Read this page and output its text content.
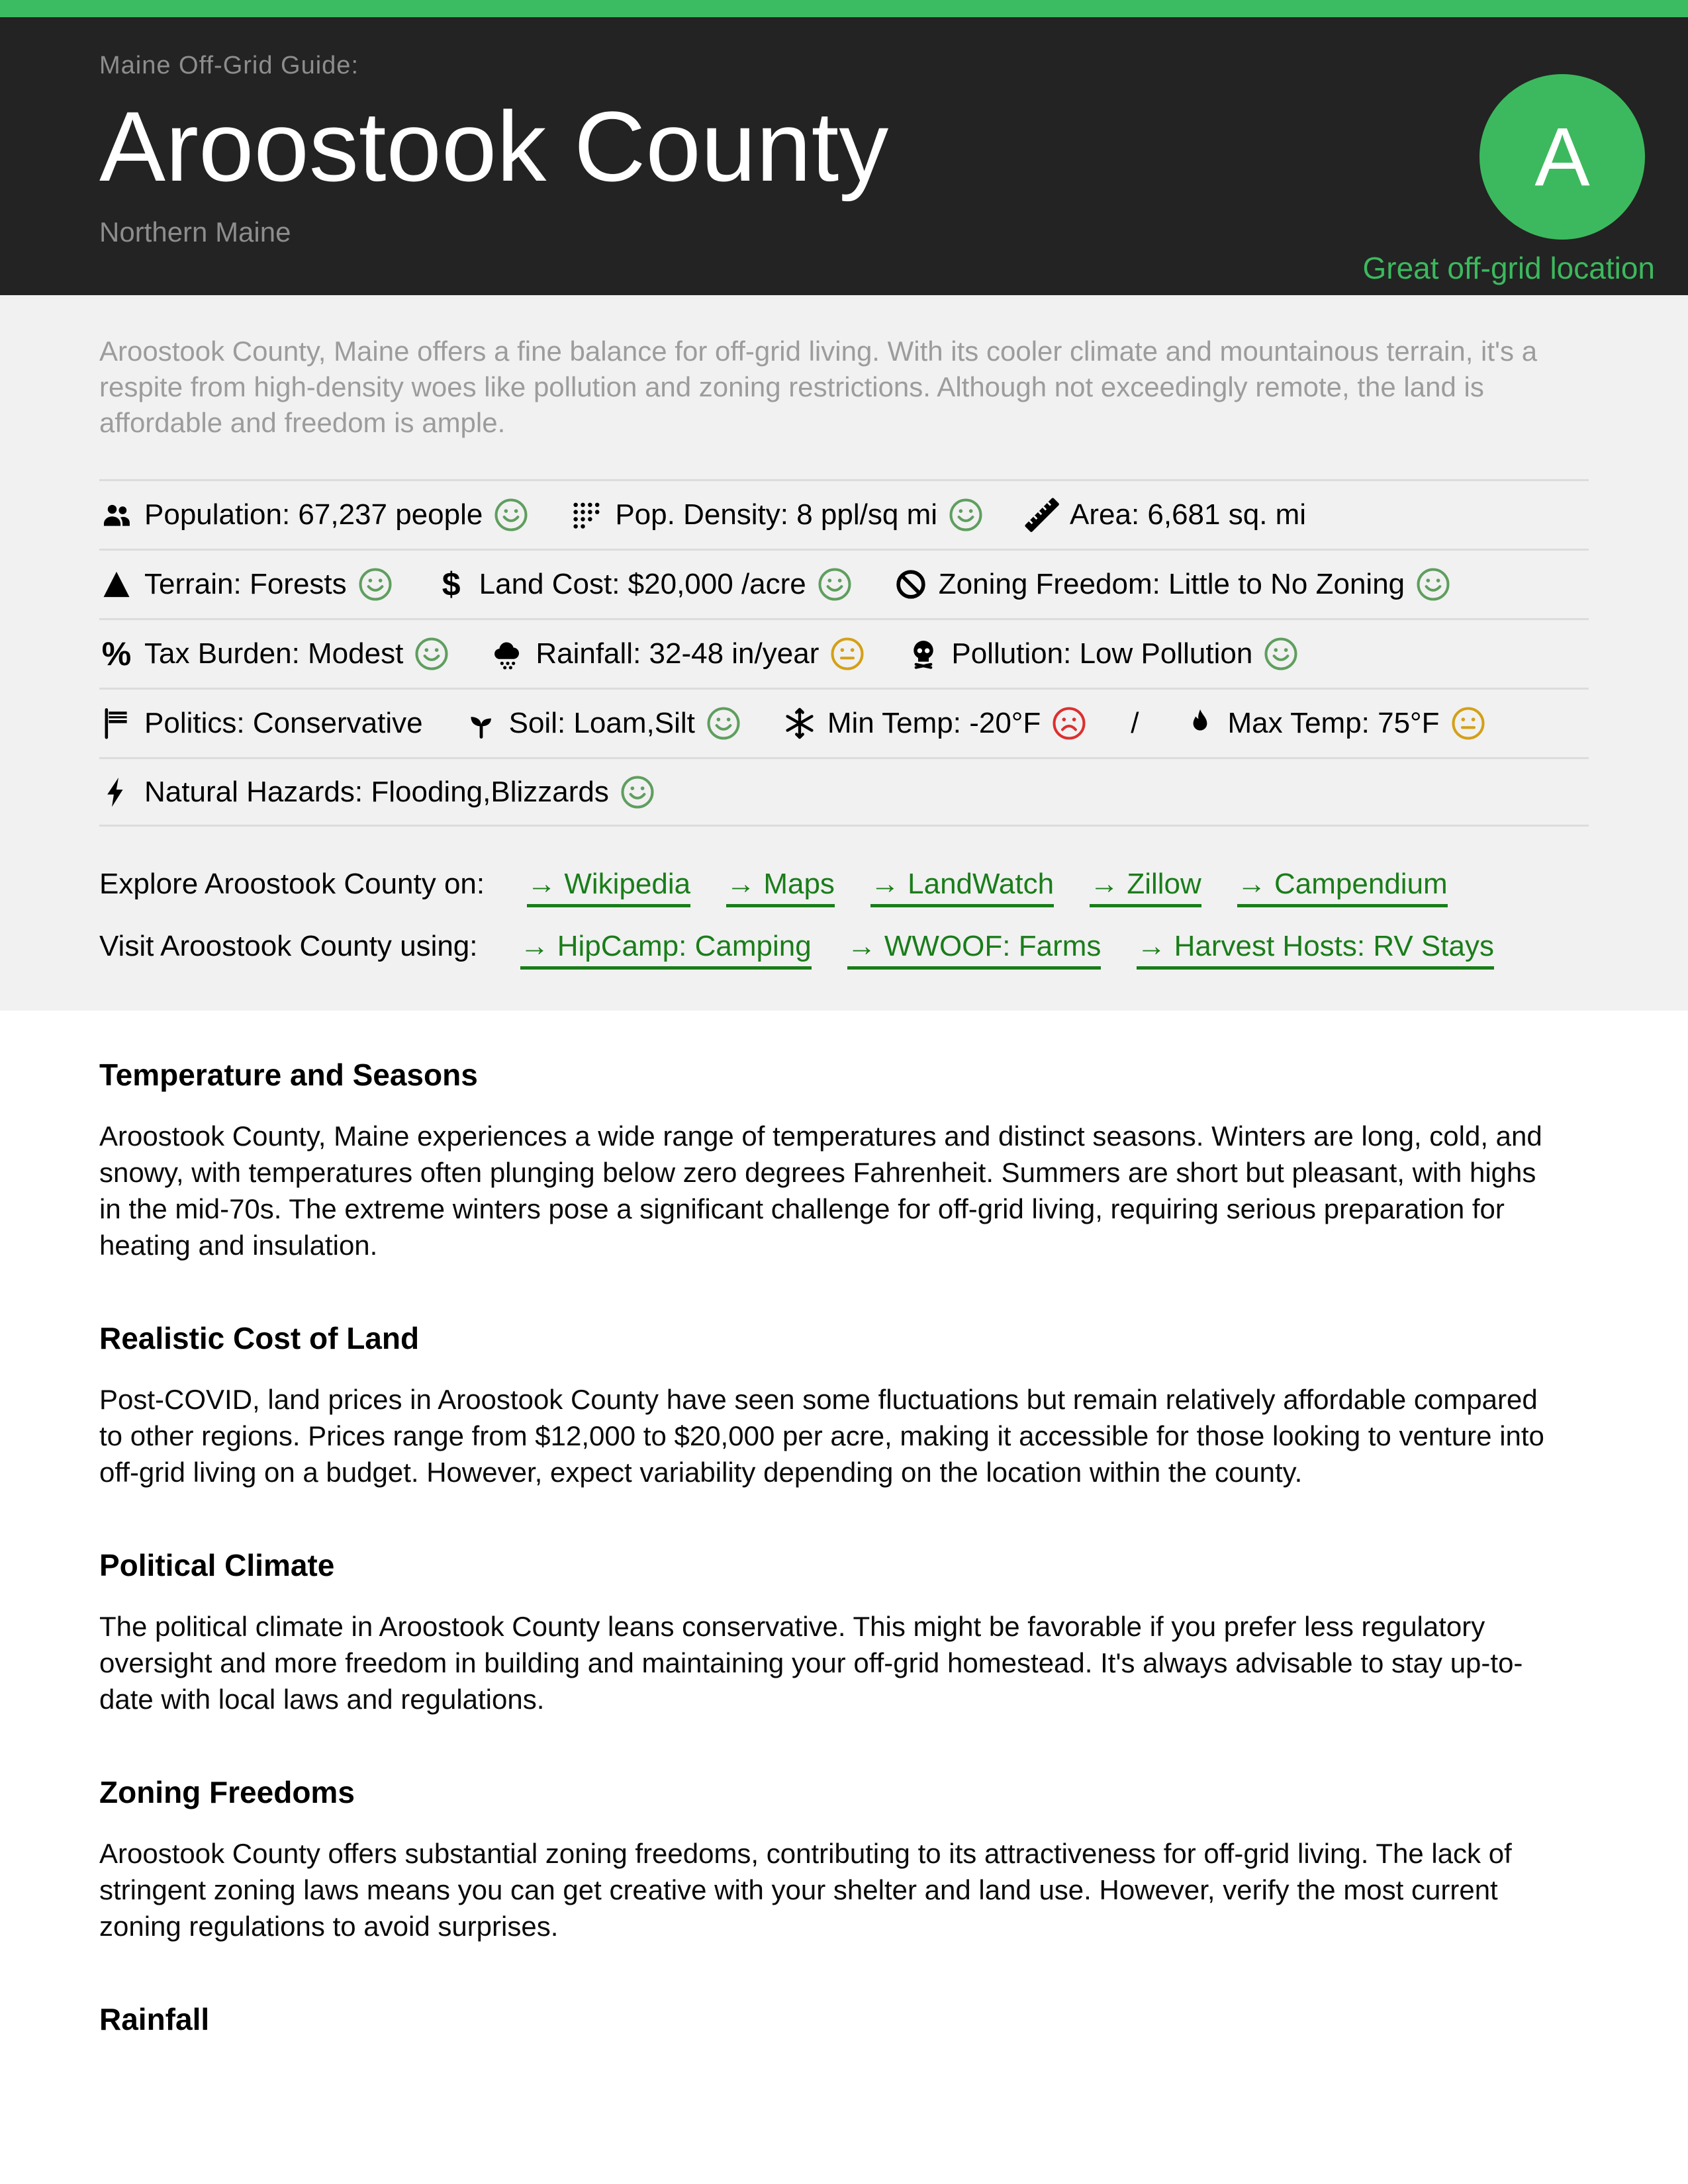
Maine Off-Grid Guide:
Aroostook County
Northern Maine
A
Great off-grid location
Aroostook County, Maine offers a fine balance for off-grid living. With its cooler climate and mountainous terrain, it's a respite from high-density woes like pollution and zoning restrictions. Although not exceedingly remote, the land is affordable and freedom is ample.
Population: 67,237 people	Pop. Density: 8 ppl/sq mi	Area: 6,681 sq. mi
Terrain: Forests	$ Land Cost: $20,000 /acre	Zoning Freedom: Little to No Zoning
% Tax Burden: Modest	Rainfall: 32-48 in/year	Pollution: Low Pollution
Politics: Conservative	Soil: Loam,Silt	Min Temp: -20°F	/	Max Temp: 75°F
Natural Hazards: Flooding,Blizzards
Explore Aroostook County on: → Wikipedia → Maps → LandWatch → Zillow → Campendium
Visit Aroostook County using: → HipCamp: Camping → WWOOF: Farms → Harvest Hosts: RV Stays
Temperature and Seasons

Aroostook County, Maine experiences a wide range of temperatures and distinct seasons. Winters are long, cold, and snowy, with temperatures often plunging below zero degrees Fahrenheit. Summers are short but pleasant, with highs in the mid-70s. The extreme winters pose a significant challenge for off-grid living, requiring serious preparation for heating and insulation.

Realistic Cost of Land

Post-COVID, land prices in Aroostook County have seen some fluctuations but remain relatively affordable compared to other regions. Prices range from $12,000 to $20,000 per acre, making it accessible for those looking to venture into off-grid living on a budget. However, expect variability depending on the location within the county.

Political Climate

The political climate in Aroostook County leans conservative. This might be favorable if you prefer less regulatory oversight and more freedom in building and maintaining your off-grid homestead. It's always advisable to stay up-to-date with local laws and regulations.

Zoning Freedoms

Aroostook County offers substantial zoning freedoms, contributing to its attractiveness for off-grid living. The lack of stringent zoning laws means you can get creative with your shelter and land use. However, verify the most current zoning regulations to avoid surprises.

Rainfall
